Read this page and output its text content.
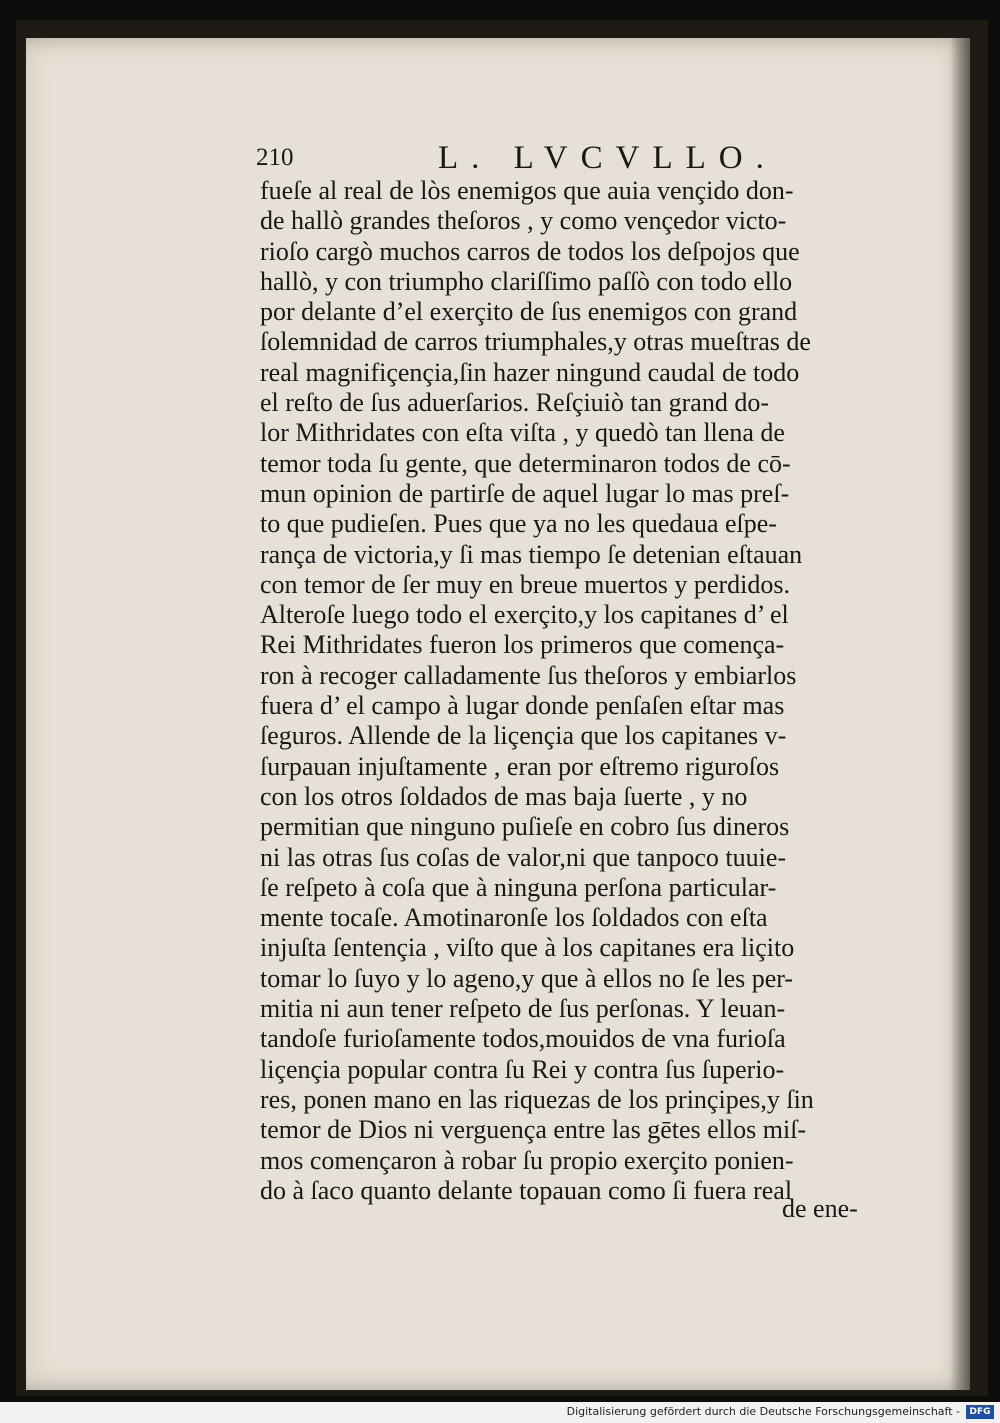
210	L. LVCVLLO.
fueſe al real de lòs enemigos que auia vençido don-
de hallò grandes theſoros , y como vençedor victo-
rioſo cargò muchos carros de todos los deſpojos que
hallò, y con triumpho clariſſimo paſſò con todo ello
por delante d’el exerçito de ſus enemigos con grand
ſolemnidad de carros triumphales,y otras mueſtras de
real magnifiçençia,ſin hazer ningund caudal de todo
el reſto de ſus aduerſarios. Reſçiuiò tan grand do-
lor Mithridates con eſta viſta , y quedò tan llena de
temor toda ſu gente, que determinaron todos de cō-
mun opinion de partirſe de aquel lugar lo mas preſ-
to que pudieſen. Pues que ya no les quedaua eſpe-
rança de victoria,y ſi mas tiempo ſe detenian eſtauan
con temor de ſer muy en breue muertos y perdidos.
Alteroſe luego todo el exerçito,y los capitanes d’ el
Rei Mithridates fueron los primeros que comença-
ron à recoger calladamente ſus theſoros y embiarlos
fuera d’ el campo à lugar donde penſaſen eſtar mas
ſeguros. Allende de la liçençia que los capitanes v-
ſurpauan injuſtamente , eran por eſtremo riguroſos
con los otros ſoldados de mas baja ſuerte , y no
permitian que ninguno puſieſe en cobro ſus dineros
ni las otras ſus coſas de valor,ni que tanpoco tuuie-
ſe reſpeto à coſa que à ninguna perſona particular-
mente tocaſe. Amotinaronſe los ſoldados con eſta
injuſta ſentençia , viſto que à los capitanes era liçito
tomar lo ſuyo y lo ageno,y que à ellos no ſe les per-
mitia ni aun tener reſpeto de ſus perſonas. Y leuan-
tandoſe furioſamente todos,mouidos de vna furioſa
liçençia popular contra ſu Rei y contra ſus ſuperio-
res, ponen mano en las riquezas de los prinçipes,y ſin
temor de Dios ni verguença entre las gētes ellos miſ-
mos començaron à robar ſu propio exerçito ponien-
do à ſaco quanto delante topauan como ſi fuera real
de ene-
Digitalisierung gefördert durch die Deutsche Forschungsgemeinschaft -	DFG
